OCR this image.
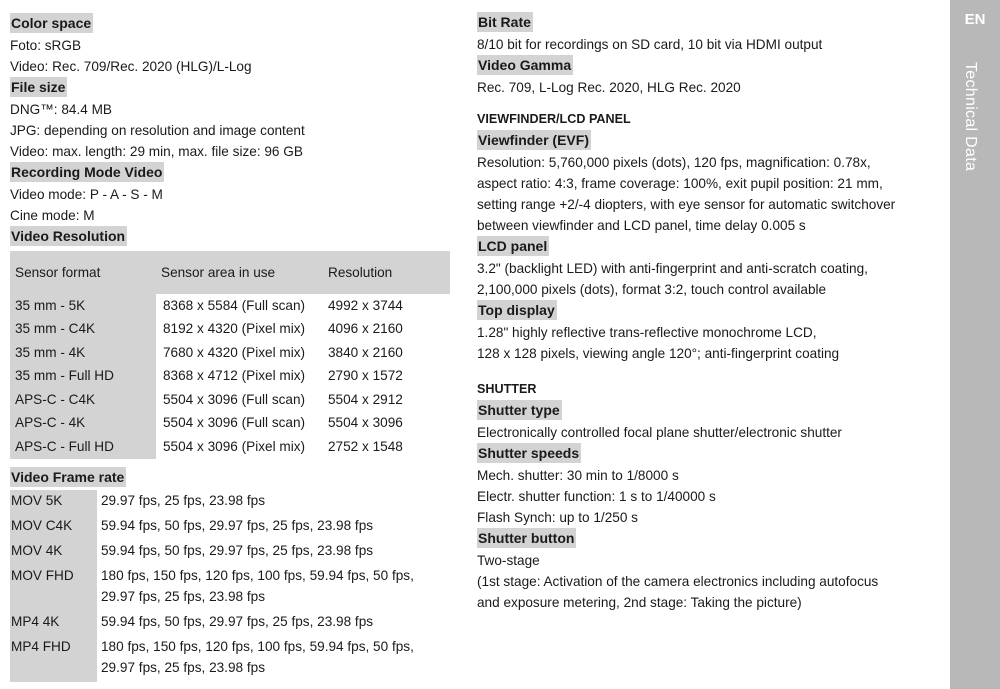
Color space
Foto: sRGB
Video: Rec. 709/Rec. 2020 (HLG)/L-Log
File size
DNG™: 84.4 MB
JPG: depending on resolution and image content
Video: max. length: 29 min, max. file size: 96 GB
Recording Mode Video
Video mode: P - A - S - M
Cine mode: M
Video Resolution
Sensor format	Sensor area in use	Resolution
35 mm - 5K	8368 x 5584 (Full scan)	4992 x 3744
35 mm - C4K	8192 x 4320 (Pixel mix)	4096 x 2160
35 mm - 4K	7680 x 4320 (Pixel mix)	3840 x 2160
35 mm - Full HD	8368 x 4712 (Pixel mix)	2790 x 1572
APS-C - C4K	5504 x 3096 (Full scan)	5504 x 2912
APS-C - 4K	5504 x 3096 (Full scan)	5504 x 3096
APS-C - Full HD	5504 x 3096 (Pixel mix)	2752 x 1548
Video Frame rate
MOV 5K	29.97 fps, 25 fps, 23.98 fps

MOV C4K	59.94 fps, 50 fps, 29.97 fps, 25 fps, 23.98 fps

MOV 4K	59.94 fps, 50 fps, 29.97 fps, 25 fps, 23.98 fps

MOV FHD	180 fps, 150 fps, 120 fps, 100 fps, 59.94 fps, 50 fps,
29.97 fps, 25 fps, 23.98 fps

MP4 4K	59.94 fps, 50 fps, 29.97 fps, 25 fps, 23.98 fps

MP4 FHD	180 fps, 150 fps, 120 fps, 100 fps, 59.94 fps, 50 fps,
29.97 fps, 25 fps, 23.98 fps
Bit Rate
8/10 bit for recordings on SD card, 10 bit via HDMI output
Video Gamma
Rec. 709, L-Log Rec. 2020, HLG Rec. 2020
VIEWFINDER/LCD PANEL
Viewfinder (EVF)
Resolution: 5,760,000 pixels (dots), 120 fps, magnification: 0.78x,
aspect ratio: 4:3, frame coverage: 100%, exit pupil position: 21 mm,
setting range +2/-4 diopters, with eye sensor for automatic switchover
between viewfinder and LCD panel, time delay 0.005 s
LCD panel
3.2" (backlight LED) with anti-fingerprint and anti-scratch coating,
2,100,000 pixels (dots), format 3:2, touch control available
Top display
1.28" highly reflective trans-reflective monochrome LCD,
128 x 128 pixels, viewing angle 120°; anti-fingerprint coating
SHUTTER
Shutter type
Electronically controlled focal plane shutter/electronic shutter
Shutter speeds
Mech. shutter: 30 min to 1/8000 s
Electr. shutter function: 1 s to 1/40000 s
Flash Synch: up to 1/250 s
Shutter button
Two-stage
(1st stage: Activation of the camera electronics including autofocus
and exposure metering, 2nd stage: Taking the picture)
EN
Technical Data
